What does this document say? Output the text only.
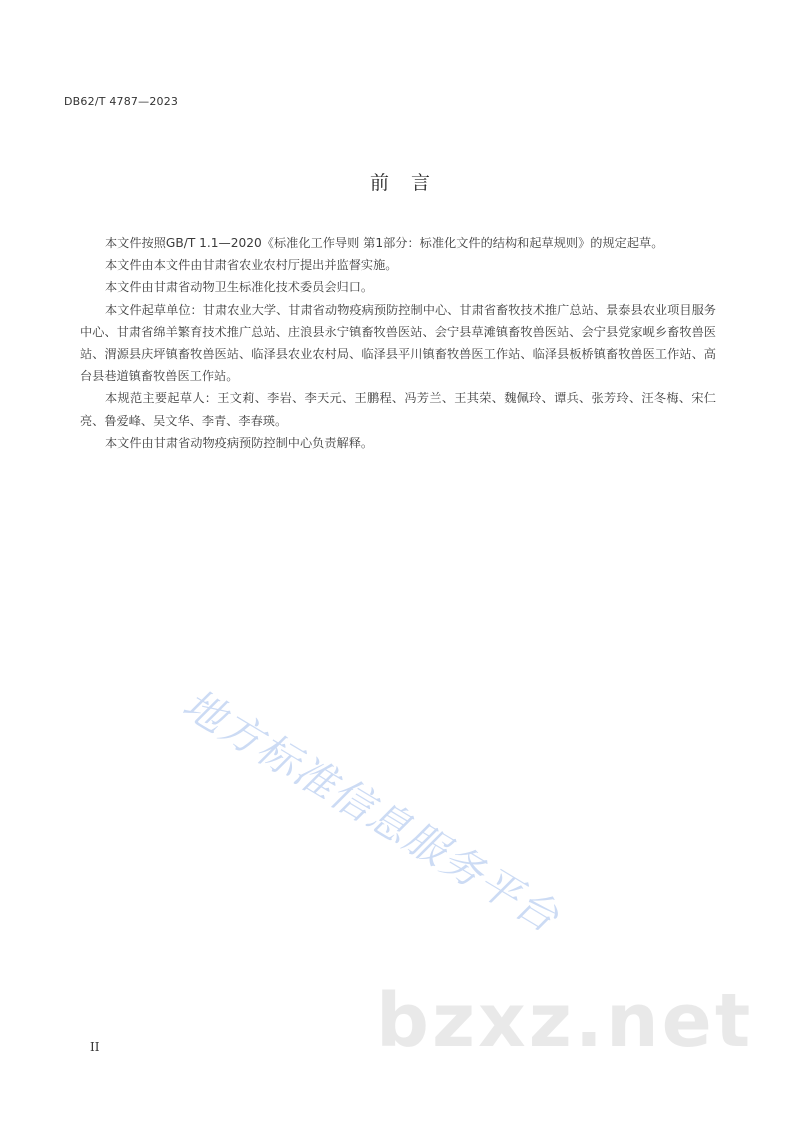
DB62/T 4787—2023
前言

本文件按照GB/T 1.1—2020《标准化工作导则 第1部分：标准化文件的结构和起草规则》的规定起草。

本文件由本文件由甘肃省农业农村厅提出并监督实施。

本文件由甘肃省动物卫生标准化技术委员会归口。

本文件起草单位：甘肃农业大学、甘肃省动物疫病预防控制中心、甘肃省畜牧技术推广总站、景泰县农业项目服务中心、甘肃省绵羊繁育技术推广总站、庄浪县永宁镇畜牧兽医站、会宁县草滩镇畜牧兽医站、会宁县党家岘乡畜牧兽医站、渭源县庆坪镇畜牧兽医站、临泽县农业农村局、临泽县平川镇畜牧兽医工作站、临泽县板桥镇畜牧兽医工作站、高台县巷道镇畜牧兽医工作站。

本规范主要起草人：王文莉、李岩、李天元、王鹏程、冯芳兰、王其荣、魏佩玲、谭兵、张芳玲、汪冬梅、宋仁亮、鲁爱峰、吴文华、李青、李春瑛。

本文件由甘肃省动物疫病预防控制中心负责解释。

地方标准信息服务平台
bzxz.net
II
